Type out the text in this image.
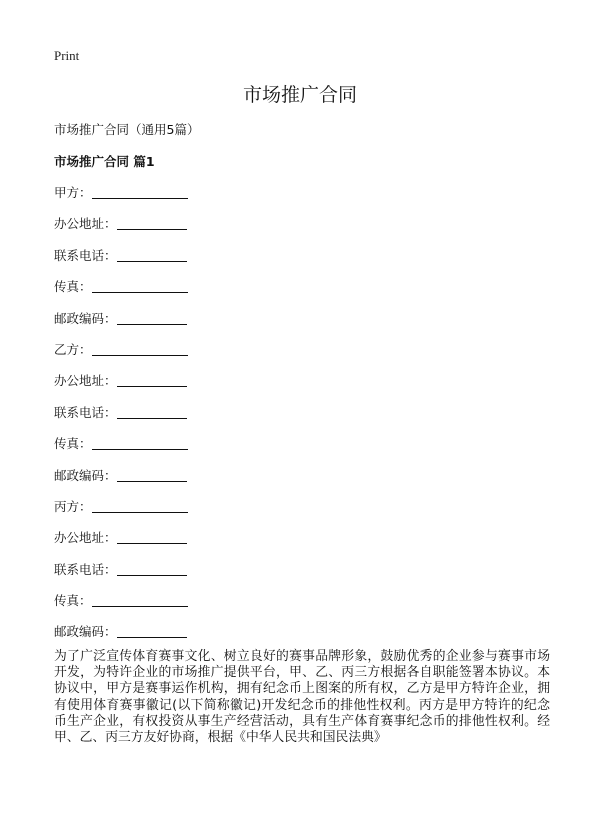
Print
市场推广合同
市场推广合同（通用5篇）
市场推广合同 篇1
甲方：
办公地址：
联系电话：
传真：
邮政编码：
乙方：
办公地址：
联系电话：
传真：
邮政编码：
丙方：
办公地址：
联系电话：
传真：
邮政编码：

为了广泛宣传体育赛事文化、树立良好的赛事品牌形象，鼓励优秀的企业参与赛事市场开发，为特许企业的市场推广提供平台，甲、乙、丙三方根据各自职能签署本协议。本协议中，甲方是赛事运作机构，拥有纪念币上图案的所有权，乙方是甲方特许企业，拥有使用体育赛事徽记(以下简称徽记)开发纪念币的排他性权利。丙方是甲方特许的纪念币生产企业，有权投资从事生产经营活动，具有生产体育赛事纪念币的排他性权利。经甲、乙、丙三方友好协商，根据《中华人民共和国民法典》
